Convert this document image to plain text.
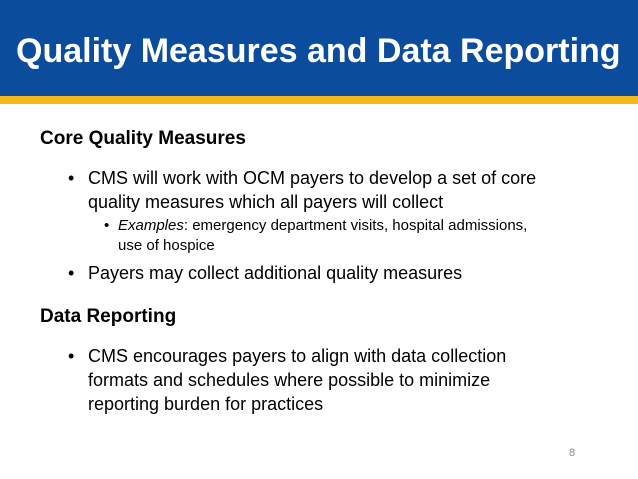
Quality Measures and Data Reporting
Core Quality Measures
• CMS will work with OCM payers to develop a set of core
quality measures which all payers will collect
• Examples: emergency department visits, hospital admissions,
use of hospice
• Payers may collect additional quality measures
Data Reporting
• CMS encourages payers to align with data collection
formats and schedules where possible to minimize
reporting burden for practices
8
